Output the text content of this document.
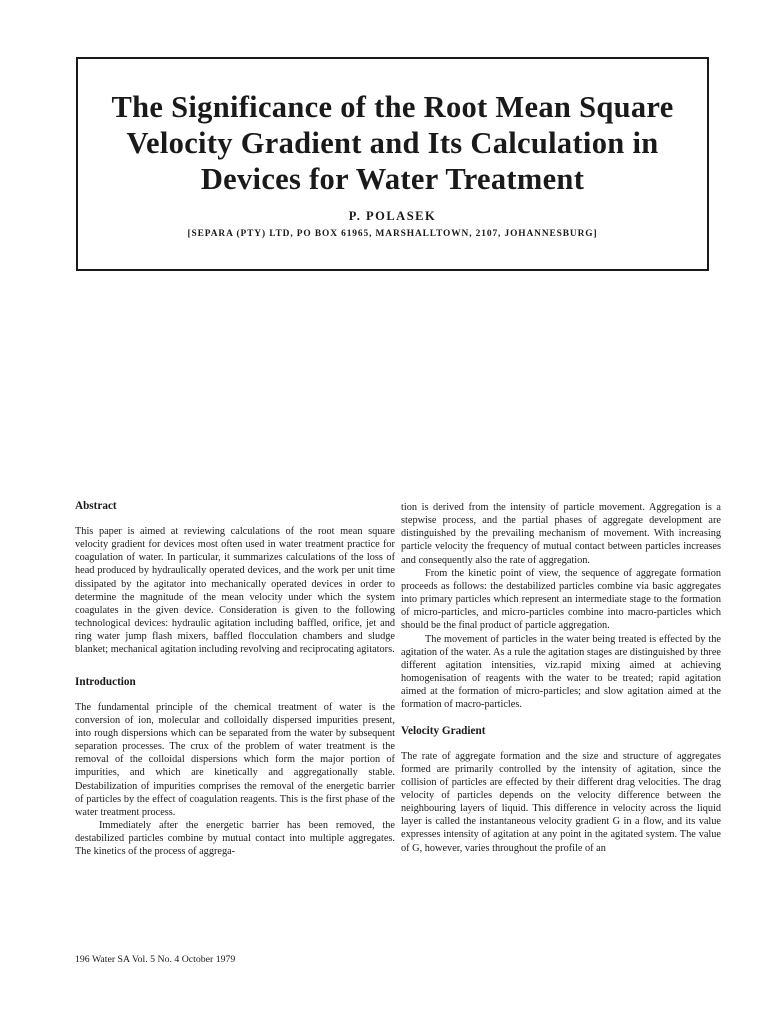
The Significance of the Root Mean Square
Velocity Gradient and Its Calculation in
Devices for Water Treatment
P. POLASEK
[SEPARA (PTY) LTD, PO BOX 61965, MARSHALLTOWN, 2107, JOHANNESBURG]
Abstract

This paper is aimed at reviewing calculations of the root mean square velocity gradient for devices most often used in water treatment practice for coagulation of water. In particular, it summarizes calculations of the loss of head produced by hydraulically operated devices, and the work per unit time dissipated by the agitator into mechanically operated devices in order to determine the magnitude of the mean velocity under which the system coagulates in the given device. Consideration is given to the following technological devices: hydraulic agitation including baffled, orifice, jet and ring water jump flash mixers, baffled flocculation chambers and sludge blanket; mechanical agitation including revolving and reciprocating agitators.

Introduction

The fundamental principle of the chemical treatment of water is the conversion of ion, molecular and colloidally dispersed impurities present, into rough dispersions which can be separated from the water by subsequent separation processes. The crux of the problem of water treatment is the removal of the colloidal dispersions which form the major portion of impurities, and which are kinetically and aggregationally stable. Destabilization of impurities comprises the removal of the energetic barrier of particles by the effect of coagulation reagents. This is the first phase of the water treatment process.

Immediately after the energetic barrier has been removed, the destabilized particles combine by mutual contact into multiple aggregates. The kinetics of the process of aggrega-

tion is derived from the intensity of particle movement. Aggregation is a stepwise process, and the partial phases of aggregate development are distinguished by the prevailing mechanism of movement. With increasing particle velocity the frequency of mutual contact between particles increases and consequently also the rate of aggregation.

From the kinetic point of view, the sequence of aggregate formation proceeds as follows: the destabilized particles combine via basic aggregates into primary particles which represent an intermediate stage to the formation of micro-particles, and micro-particles combine into macro-particles which should be the final product of particle aggregation.

The movement of particles in the water being treated is effected by the agitation of the water. As a rule the agitation stages are distinguished by three different agitation intensities, viz.rapid mixing aimed at achieving homogenisation of reagents with the water to be treated; rapid agitation aimed at the formation of micro-particles; and slow agitation aimed at the formation of macro-particles.

Velocity Gradient

The rate of aggregate formation and the size and structure of aggregates formed are primarily controlled by the intensity of agitation, since the collision of particles are effected by their different drag velocities. The drag velocity of particles depends on the velocity difference between the neighbouring layers of liquid. This difference in velocity across the liquid layer is called the instantaneous velocity gradient G in a flow, and its value expresses intensity of agitation at any point in the agitated system. The value of G, however, varies throughout the profile of an

196 Water SA Vol. 5 No. 4 October 1979
